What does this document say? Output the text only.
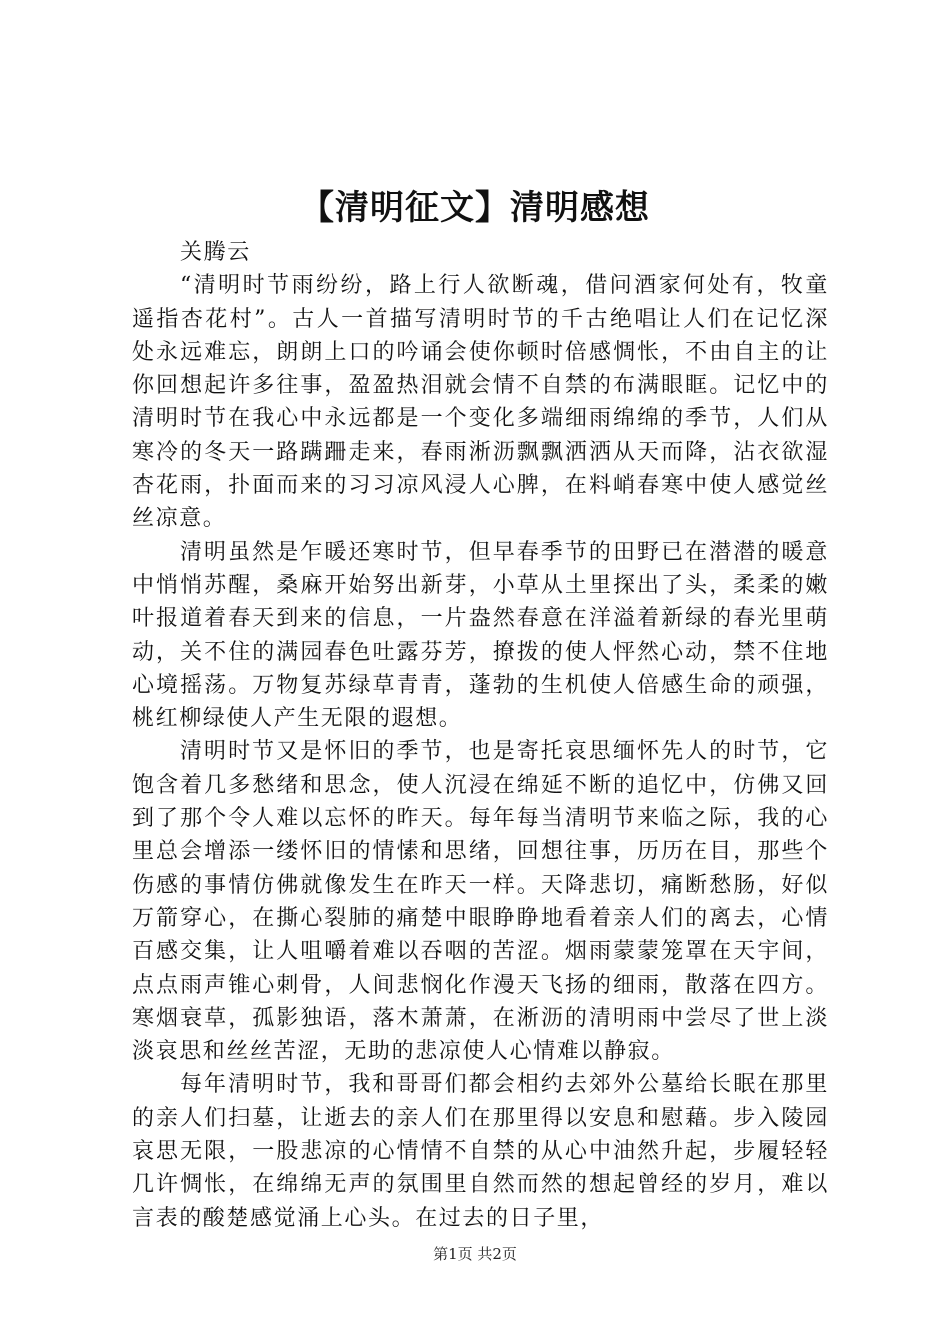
【清明征文】清明感想

关腾云

“清明时节雨纷纷，路上行人欲断魂，借问酒家何处有，牧童遥指杏花村”。古人一首描写清明时节的千古绝唱让人们在记忆深处永远难忘，朗朗上口的吟诵会使你顿时倍感惆怅，不由自主的让你回想起许多往事，盈盈热泪就会情不自禁的布满眼眶。记忆中的清明时节在我心中永远都是一个变化多端细雨绵绵的季节，人们从寒冷的冬天一路蹒跚走来，春雨淅沥飘飘洒洒从天而降，沾衣欲湿杏花雨，扑面而来的习习凉风浸人心脾，在料峭春寒中使人感觉丝丝凉意。

清明虽然是乍暖还寒时节，但早春季节的田野已在潜潜的暖意中悄悄苏醒，桑麻开始努出新芽，小草从土里探出了头，柔柔的嫩叶报道着春天到来的信息，一片盎然春意在洋溢着新绿的春光里萌动，关不住的满园春色吐露芬芳，撩拨的使人怦然心动，禁不住地心境摇荡。万物复苏绿草青青，蓬勃的生机使人倍感生命的顽强，桃红柳绿使人产生无限的遐想。

清明时节又是怀旧的季节，也是寄托哀思缅怀先人的时节，它饱含着几多愁绪和思念，使人沉浸在绵延不断的追忆中，仿佛又回到了那个令人难以忘怀的昨天。每年每当清明节来临之际，我的心里总会增添一缕怀旧的情愫和思绪，回想往事，历历在目，那些个伤感的事情仿佛就像发生在昨天一样。天降悲切，痛断愁肠，好似万箭穿心，在撕心裂肺的痛楚中眼睁睁地看着亲人们的离去，心情百感交集，让人咀嚼着难以吞咽的苦涩。烟雨蒙蒙笼罩在天宇间，点点雨声锥心刺骨，人间悲悯化作漫天飞扬的细雨，散落在四方。寒烟衰草，孤影独语，落木萧萧，在淅沥的清明雨中尝尽了世上淡淡哀思和丝丝苦涩，无助的悲凉使人心情难以静寂。

每年清明时节，我和哥哥们都会相约去郊外公墓给长眠在那里的亲人们扫墓，让逝去的亲人们在那里得以安息和慰藉。步入陵园哀思无限，一股悲凉的心情情不自禁的从心中油然升起，步履轻轻几许惆怅，在绵绵无声的氛围里自然而然的想起曾经的岁月，难以言表的酸楚感觉涌上心头。在过去的日子里，

第1页 共2页
